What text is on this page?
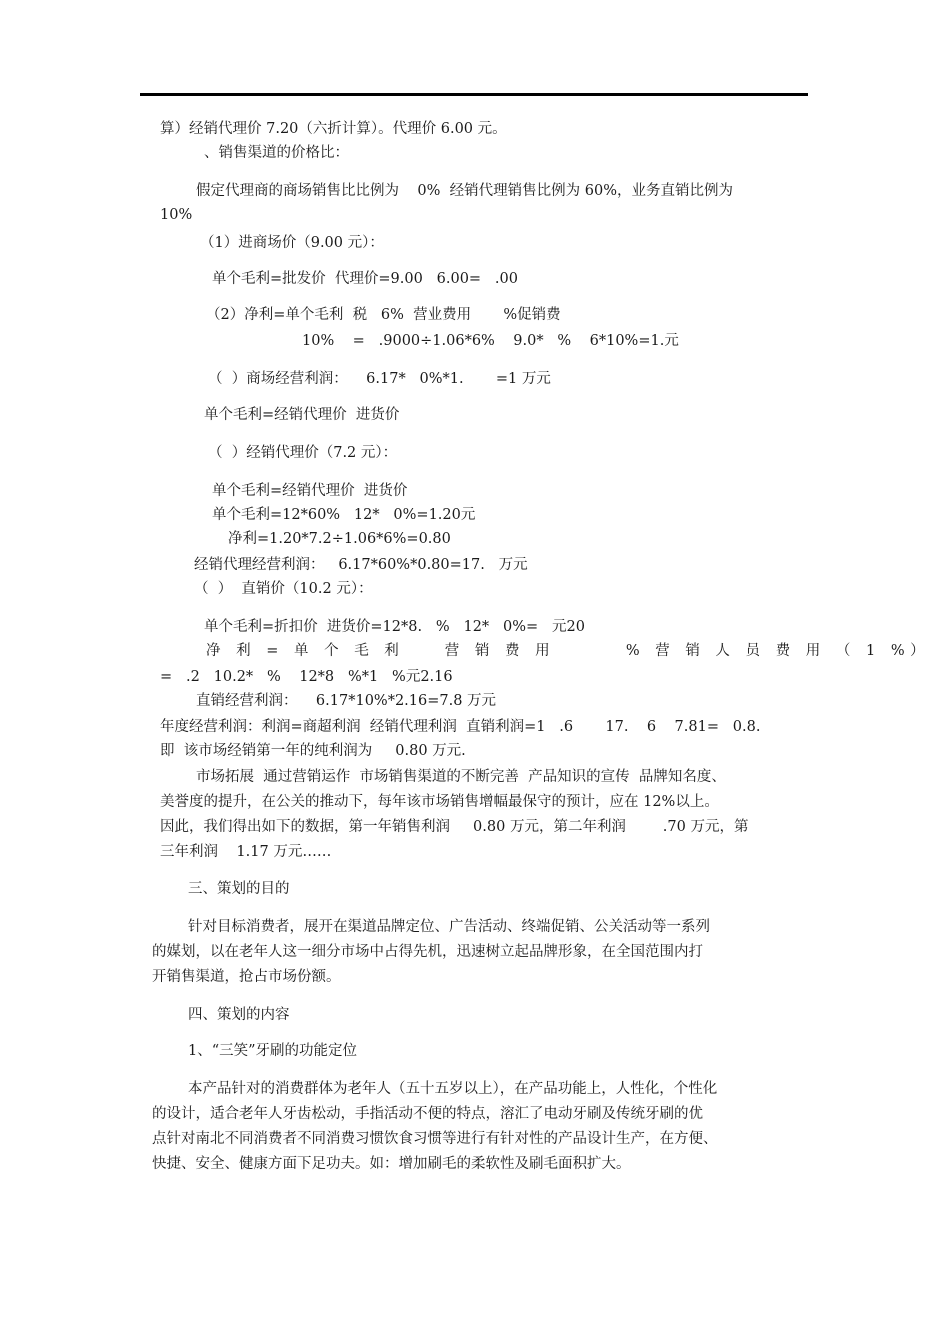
算）经销代理价 7.20（六折计算）。代理价 6.00 元。

、销售渠道的价格比：

假定代理商的商场销售比比例为    0%  经销代理销售比例为 60%，业务直销比例为

10%

（1）进商场价（9.00 元）：

单个毛利=批发价  代理价=9.00   6.00=   .00

（2）净利=单个毛利  税   6%  营业费用       %促销费

10%    =   .9000÷1.06*6%    9.0*   %    6*10%=1.元

（  ）商场经营利润：    6.17*   0%*1.       =1 万元

单个毛利=经销代理价  进货价

（  ）经销代理价（7.2 元）：

单个毛利=经销代理价  进货价

单个毛利=12*60%   12*   0%=1.20元

净利=1.20*7.2÷1.06*6%=0.80

经销代理经营利润：   6.17*60%*0.80=17.   万元

（  ）  直销价（10.2 元）：

单个毛利=折扣价  进货价=12*8.   %   12*   0%=   元20

净 利 = 单 个 毛 利    营 销 费 用       % 营 销 人 员 费 用 （ 1 %）

=   .2   10.2*   %    12*8   %*1   %元2.16

直销经营利润：    6.17*10%*2.16=7.8 万元

年度经营利润：利润=商超利润  经销代理利润  直销利润=1   .6       17.    6    7.81=   0.8.

即  该市场经销第一年的纯利润为     0.80 万元.

市场拓展  通过营销运作  市场销售渠道的不断完善  产品知识的宣传  品牌知名度、

美誉度的提升，在公关的推动下，每年该市场销售增幅最保守的预计，应在 12%以上。

因此，我们得出如下的数据，第一年销售利润     0.80 万元，第二年利润        .70 万元，第

三年利润    1.17 万元……

三、策划的目的

针对目标消费者，展开在渠道品牌定位、广告活动、终端促销、公关活动等一系列

的媒划，以在老年人这一细分市场中占得先机，迅速树立起品牌形象，在全国范围内打

开销售渠道，抢占市场份额。

四、策划的内容

1、“三笑”牙刷的功能定位

本产品针对的消费群体为老年人（五十五岁以上），在产品功能上，人性化，个性化

的设计，适合老年人牙齿松动，手指活动不便的特点，溶汇了电动牙刷及传统牙刷的优

点针对南北不同消费者不同消费习惯饮食习惯等进行有针对性的产品设计生产，在方便、

快捷、安全、健康方面下足功夫。如：增加刷毛的柔软性及刷毛面积扩大。
